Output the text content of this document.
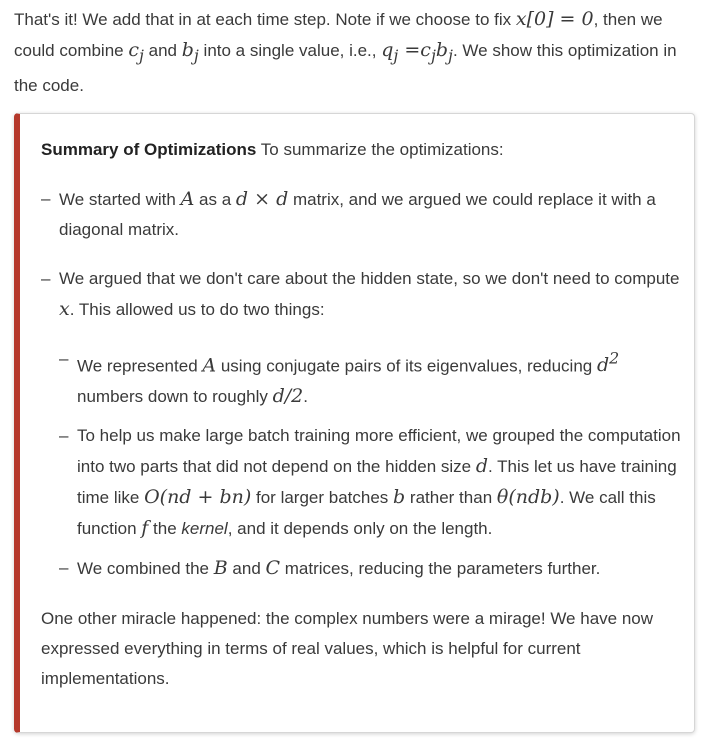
That's it! We add that in at each time step. Note if we choose to fix x[0] = 0, then we could combine $c_j$ and $b_j$ into a single value, i.e., $q_j =c_jb_j$. We show this optimization in the code.

Summary of Optimizations To summarize the optimizations:

– We started with A as a d × d matrix, and we argued we could replace it with a diagonal matrix.
– We argued that we don't care about the hidden state, so we don't need to compute x. This allowed us to do two things:
– We represented A using conjugate pairs of its eigenvalues, reducing $d^2$ numbers down to roughly d/2.
– To help us make large batch training more efficient, we grouped the computation into two parts that did not depend on the hidden size d. This let us have training time like O(nd + bn) for larger batches b rather than θ(ndb). We call this function f the kernel, and it depends only on the length.
– We combined the B and C matrices, reducing the parameters further.

One other miracle happened: the complex numbers were a mirage! We have now expressed everything in terms of real values, which is helpful for current implementations.
